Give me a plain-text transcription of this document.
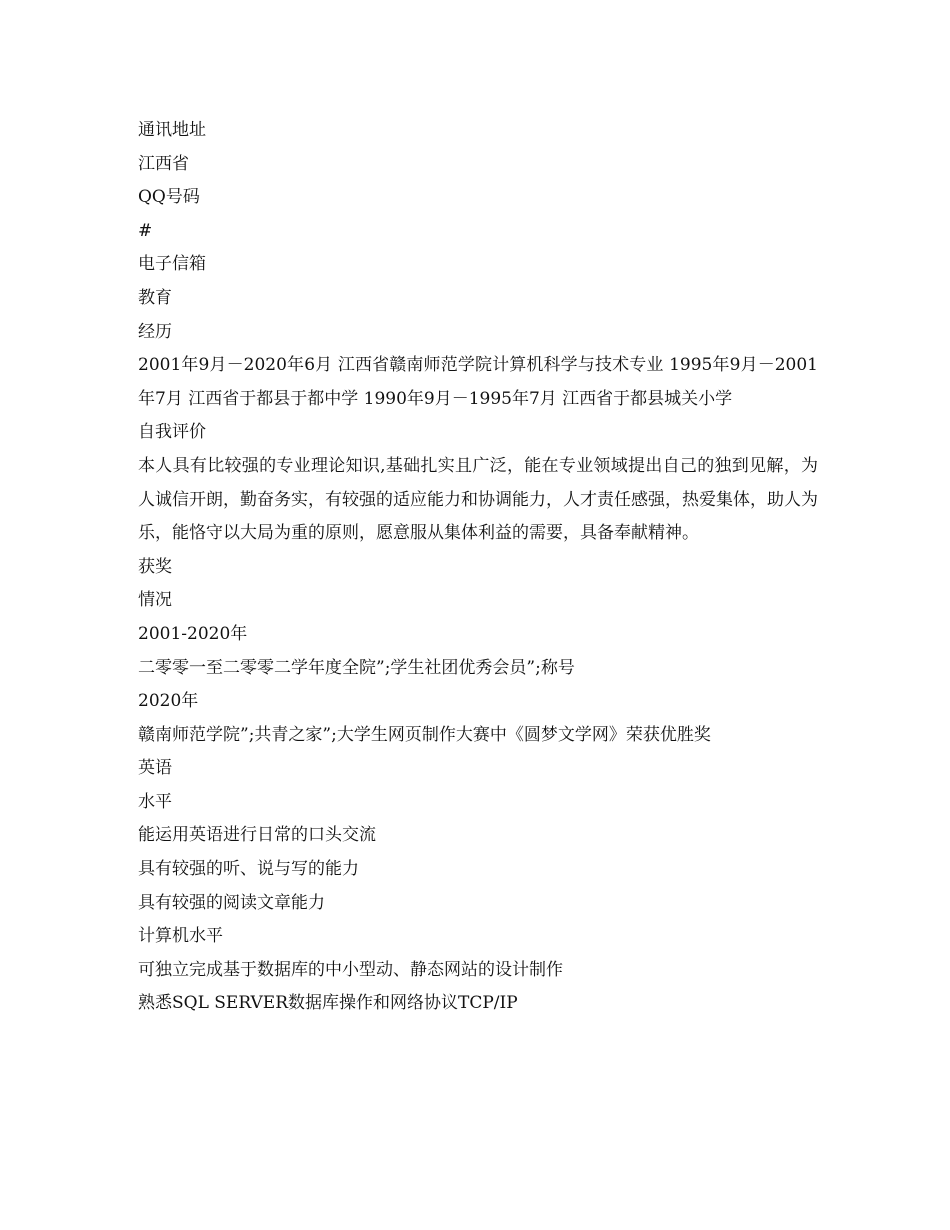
通讯地址
江西省
QQ号码
#
电子信箱
教育
经历
2001年9月－2020年6月 江西省赣南师范学院计算机科学与技术专业 1995年9月－2001年7月 江西省于都县于都中学 1990年9月－1995年7月 江西省于都县城关小学
自我评价
本人具有比较强的专业理论知识,基础扎实且广泛，能在专业领域提出自己的独到见解，为人诚信开朗，勤奋务实，有较强的适应能力和协调能力，人才责任感强，热爱集体，助人为乐，能恪守以大局为重的原则，愿意服从集体利益的需要，具备奉献精神。
获奖
情况
2001-2020年
二零零一至二零零二学年度全院”;学生社团优秀会员”;称号
2020年
赣南师范学院”;共青之家”;大学生网页制作大赛中《圆梦文学网》荣获优胜奖
英语
水平
能运用英语进行日常的口头交流
具有较强的听、说与写的能力
具有较强的阅读文章能力
计算机水平
可独立完成基于数据库的中小型动、静态网站的设计制作
熟悉SQL SERVER数据库操作和网络协议TCP/IP
